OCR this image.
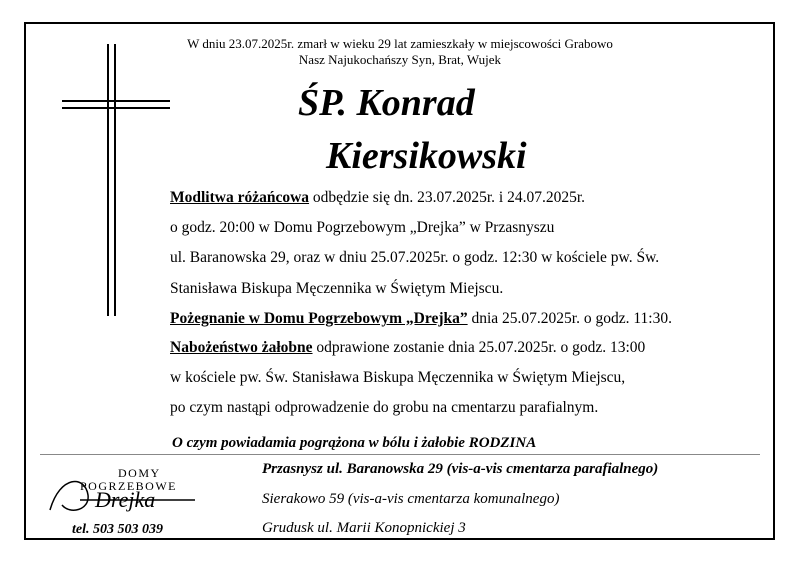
W dniu 23.07.2025r. zmarł w wieku 29 lat zamieszkały w miejscowości Grabowo
Nasz Najukochańszy Syn, Brat, Wujek
ŚP. Konrad
Kiersikowski
Modlitwa różańcowa odbędzie się dn. 23.07.2025r. i 24.07.2025r.
o godz. 20:00 w Domu Pogrzebowym „Drejka” w Przasnyszu
ul. Baranowska 29, oraz w dniu 25.07.2025r. o godz. 12:30 w kościele pw. Św.
Stanisława Biskupa Męczennika w Świętym Miejscu.
Pożegnanie w Domu Pogrzebowym „Drejka” dnia 25.07.2025r. o godz. 11:30.
Nabożeństwo żałobne odprawione zostanie dnia 25.07.2025r. o godz. 13:00
w kościele pw. Św. Stanisława Biskupa Męczennika w Świętym Miejscu,
po czym nastąpi odprowadzenie do grobu na cmentarzu parafialnym.
O czym powiadamia pogrążona w bólu i żałobie RODZINA
DOMY
POGRZEBOWE
Drejka
tel. 503 503 039
Przasnysz ul. Baranowska 29 (vis-a-vis cmentarza parafialnego)
Sierakowo 59 (vis-a-vis cmentarza komunalnego)
Grudusk ul. Marii Konopnickiej 3
